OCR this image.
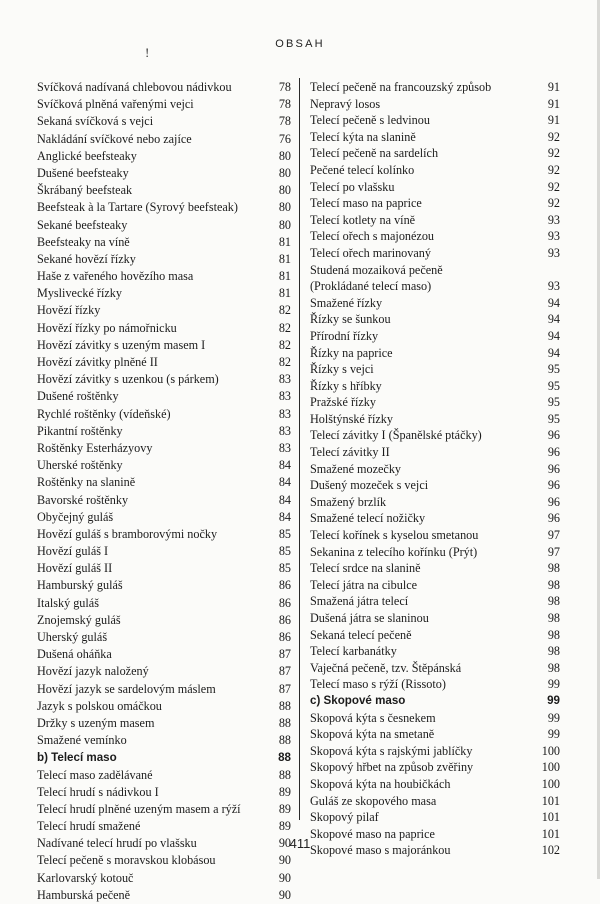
OBSAH
!
Svíčková nadívaná chlebovou nádivkou	78
Svíčková plněná vařenými vejci	78
Sekaná svíčková s vejci	78
Nakládání svíčkové nebo zajíce	76
Anglické beefsteaky	80
Dušené beefsteaky	80
Škrábaný beefsteak	80
Beefsteak à la Tartare (Syrový beefsteak)	80
Sekané beefsteaky	80
Beefsteaky na víně	81
Sekané hovězí řízky	81
Haše z vařeného hovězího masa	81
Myslivecké řízky	81
Hovězí řízky	82
Hovězí řízky po námořnicku	82
Hovězí závitky s uzeným masem I	82
Hovězí závitky plněné II	82
Hovězí závitky s uzenkou (s párkem)	83
Dušené roštěnky	83
Rychlé roštěnky (vídeňské)	83
Pikantní roštěnky	83
Roštěnky Esterházyovy	83
Uherské roštěnky	84
Roštěnky na slanině	84
Bavorské roštěnky	84
Obyčejný guláš	84
Hovězí guláš s bramborovými nočky	85
Hovězí guláš I	85
Hovězí guláš II	85
Hamburský guláš	86
Italský guláš	86
Znojemský guláš	86
Uherský guláš	86
Dušená oháňka	87
Hovězí jazyk naložený	87
Hovězí jazyk se sardelovým máslem	87
Jazyk s polskou omáčkou	88
Držky s uzeným masem	88
Smažené vemínko	88
b) Telecí maso	88
Telecí maso zadělávané	88
Telecí hrudí s nádivkou I	89
Telecí hrudí plněné uzeným masem a rýží	89
Telecí hrudí smažené	89
Nadívané telecí hrudí po vlašsku	90
Telecí pečeně s moravskou klobásou	90
Karlovarský kotouč	90
Hamburská pečeně	90
Telecí pečeně na francouzský způsob	91
Nepravý losos	91
Telecí pečeně s ledvinou	91
Telecí kýta na slanině	92
Telecí pečeně na sardelích	92
Pečené telecí kolínko	92
Telecí po vlašsku	92
Telecí maso na paprice	92
Telecí kotlety na víně	93
Telecí ořech s majonézou	93
Telecí ořech marinovaný	93
Studená mozaiková pečeně
(Prokládané telecí maso)	93
Smažené řízky	94
Řízky se šunkou	94
Přírodní řízky	94
Řízky na paprice	94
Řízky s vejci	95
Řízky s hříbky	95
Pražské řízky	95
Holštýnské řízky	95
Telecí závitky I (Španělské ptáčky)	96
Telecí závitky II	96
Smažené mozečky	96
Dušený mozeček s vejci	96
Smažený brzlík	96
Smažené telecí nožičky	96
Telecí kořínek s kyselou smetanou	97
Sekanina z telecího kořínku (Prýt)	97
Telecí srdce na slanině	98
Telecí játra na cibulce	98
Smažená játra telecí	98
Dušená játra se slaninou	98
Sekaná telecí pečeně	98
Telecí karbanátky	98
Vaječná pečeně, tzv. Štěpánská	98
Telecí maso s rýží (Rissoto)	99
c) Skopové maso	99
Skopová kýta s česnekem	99
Skopová kýta na smetaně	99
Skopová kýta s rajskými jablíčky	100
Skopový hřbet na způsob zvěřiny	100
Skopová kýta na houbičkách	100
Guláš ze skopového masa	101
Skopový pilaf	101
Skopové maso na paprice	101
Skopové maso s majoránkou	102
411
